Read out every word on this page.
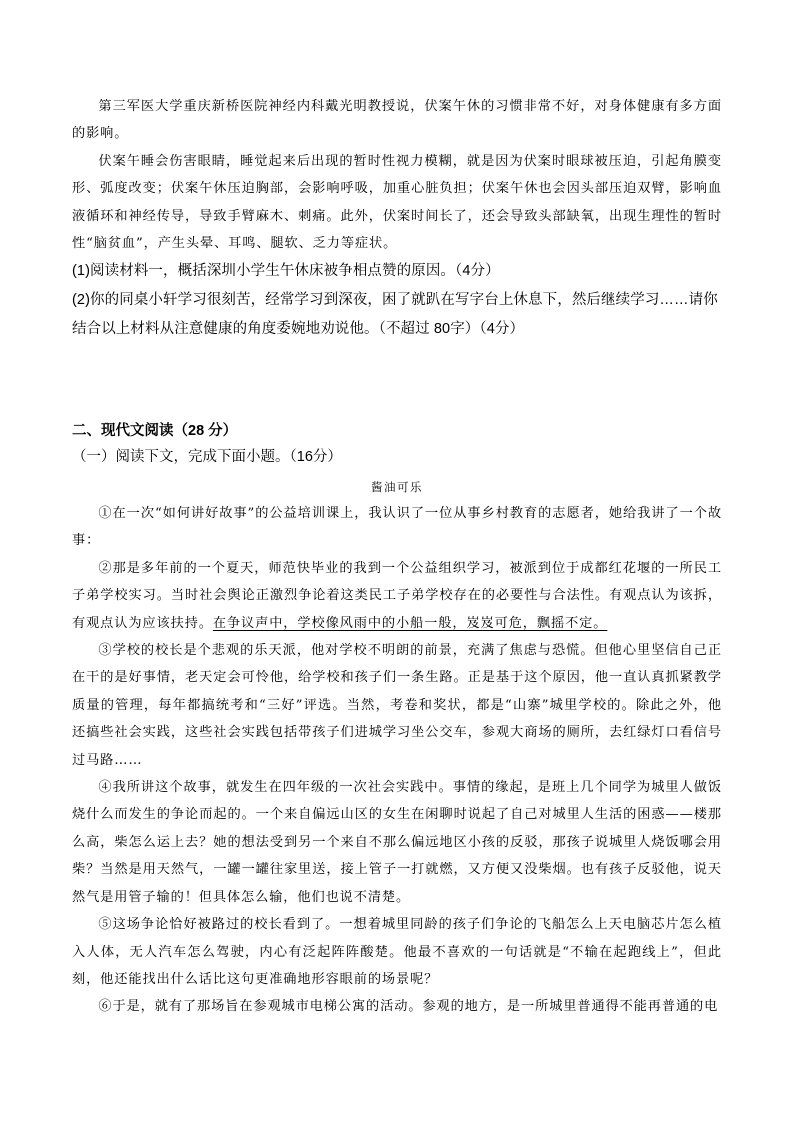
第三军医大学重庆新桥医院神经内科戴光明教授说，伏案午休的习惯非常不好，对身体健康有多方面的影响。

伏案午睡会伤害眼睛，睡觉起来后出现的暂时性视力模糊，就是因为伏案时眼球被压迫，引起角膜变形、弧度改变；伏案午休压迫胸部，会影响呼吸，加重心脏负担；伏案午休也会因头部压迫双臂，影响血液循环和神经传导，导致手臂麻木、刺痛。此外，伏案时间长了，还会导致头部缺氧，出现生理性的暂时性“脑贫血”，产生头晕、耳鸣、腿软、乏力等症状。

(1)阅读材料一，概括深圳小学生午休床被争相点赞的原因。（4分）

(2)你的同桌小轩学习很刻苦，经常学习到深夜，困了就趴在写字台上休息下，然后继续学习……请你结合以上材料从注意健康的角度委婉地劝说他。（不超过 80字）（4分）

二、现代文阅读（28 分）
（一）阅读下文，完成下面小题。（16分）
酱油可乐

①在一次“如何讲好故事”的公益培训课上，我认识了一位从事乡村教育的志愿者，她给我讲了一个故事：

②那是多年前的一个夏天，师范快毕业的我到一个公益组织学习，被派到位于成都红花堰的一所民工子弟学校实习。当时社会舆论正激烈争论着这类民工子弟学校存在的必要性与合法性。有观点认为该拆，有观点认为应该扶持。在争议声中，学校像风雨中的小船一般，岌岌可危，飘摇不定。

③学校的校长是个悲观的乐天派，他对学校不明朗的前景，充满了焦虑与恐慌。但他心里坚信自己正在干的是好事情，老天定会可怜他，给学校和孩子们一条生路。正是基于这个原因，他一直认真抓紧教学质量的管理，每年都搞统考和“三好”评选。当然，考卷和奖状，都是“山寨”城里学校的。除此之外，他还搞些社会实践，这些社会实践包括带孩子们进城学习坐公交车，参观大商场的厕所，去红绿灯口看信号过马路……

④我所讲这个故事，就发生在四年级的一次社会实践中。事情的缘起，是班上几个同学为城里人做饭烧什么而发生的争论而起的。一个来自偏远山区的女生在闲聊时说起了自己对城里人生活的困惑——楼那么高，柴怎么运上去？她的想法受到另一个来自不那么偏远地区小孩的反驳，那孩子说城里人烧饭哪会用柴？当然是用天然气，一罐一罐往家里送，接上管子一打就燃，又方便又没柴烟。也有孩子反驳他，说天然气是用管子输的！但具体怎么输，他们也说不清楚。

⑤这场争论恰好被路过的校长看到了。一想着城里同龄的孩子们争论的飞船怎么上天电脑芯片怎么植入人体，无人汽车怎么驾驶，内心有泛起阵阵酸楚。他最不喜欢的一句话就是“不输在起跑线上”，但此刻，他还能找出什么话比这句更准确地形容眼前的场景呢？

⑥于是，就有了那场旨在参观城市电梯公寓的活动。参观的地方，是一所城里普通得不能再普通的电
